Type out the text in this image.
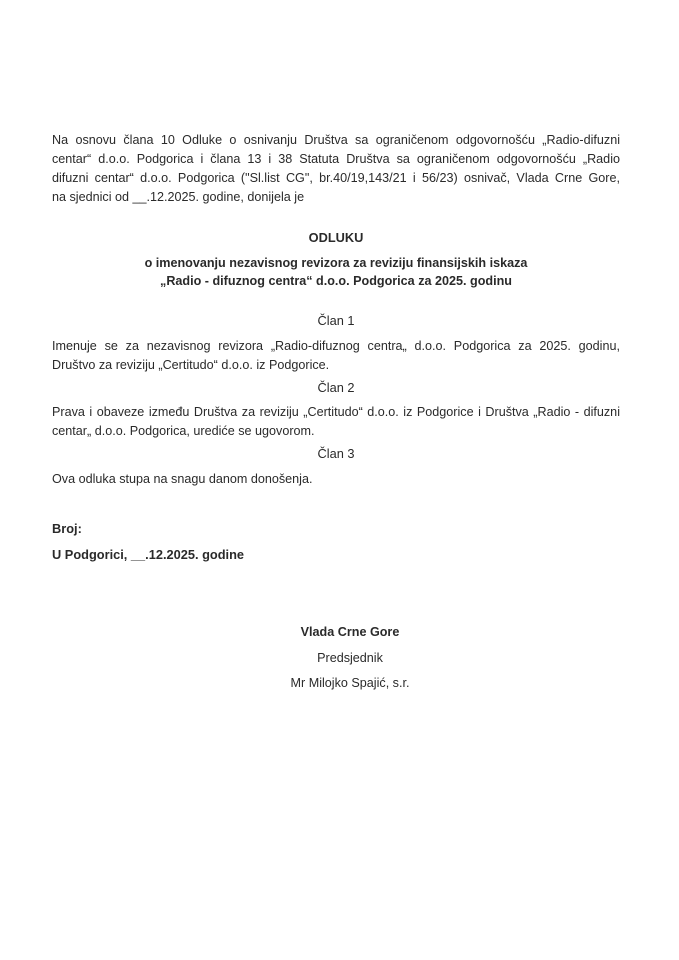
Na osnovu člana 10 Odluke o osnivanju Društva sa ograničenom odgovornošću „Radio-difuzni
centar“ d.o.o. Podgorica i člana 13 i 38 Statuta Društva sa ograničenom odgovornošću „Radio
difuzni centar“ d.o.o. Podgorica ("Sl.list CG", br.40/19,143/21 i 56/23) osnivač, Vlada Crne Gore,
na sjednici od __.12.2025. godine, donijela je
ODLUKU
o imenovanju nezavisnog revizora za reviziju finansijskih iskaza
„Radio - difuznog centra“ d.o.o. Podgorica za 2025. godinu
Član 1
Imenuje se za nezavisnog revizora „Radio-difuznog centra„ d.o.o. Podgorica za 2025. godinu,
Društvo za reviziju „Certitudo“ d.o.o. iz Podgorice.
Član 2
Prava i obaveze između Društva za reviziju „Certitudo“ d.o.o. iz Podgorice i Društva „Radio - difuzni
centar„ d.o.o. Podgorica, urediće se ugovorom.
Član 3
Ova odluka stupa na snagu danom donošenja.
Broj:
U Podgorici, __.12.2025. godine
Vlada Crne Gore
Predsjednik
Mr Milojko Spajić, s.r.
